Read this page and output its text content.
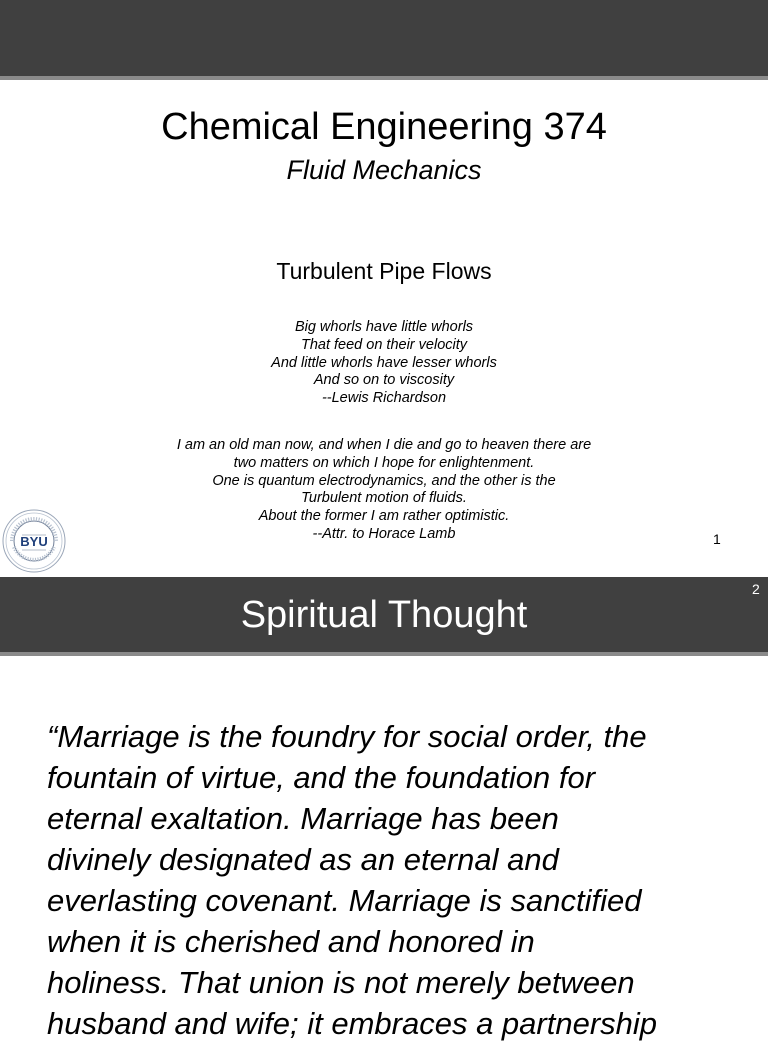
Chemical Engineering 374
Fluid Mechanics
Turbulent Pipe Flows
Big whorls have little whorls
That feed on their velocity
And little whorls have lesser whorls
And so on to viscosity
--Lewis Richardson
I am an old man now, and when I die and go to heaven there are
two matters on which I hope for enlightenment.
One is quantum electrodynamics, and the other is the
Turbulent motion of fluids.
About the former I am rather optimistic.
--Attr. to Horace Lamb	1
BYU
2
Spiritual Thought
“Marriage is the foundry for social order, the
fountain of virtue, and the foundation for
eternal exaltation. Marriage has been
divinely designated as an eternal and
everlasting covenant. Marriage is sanctified
when it is cherished and honored in
holiness. That union is not merely between
husband and wife; it embraces a partnership
